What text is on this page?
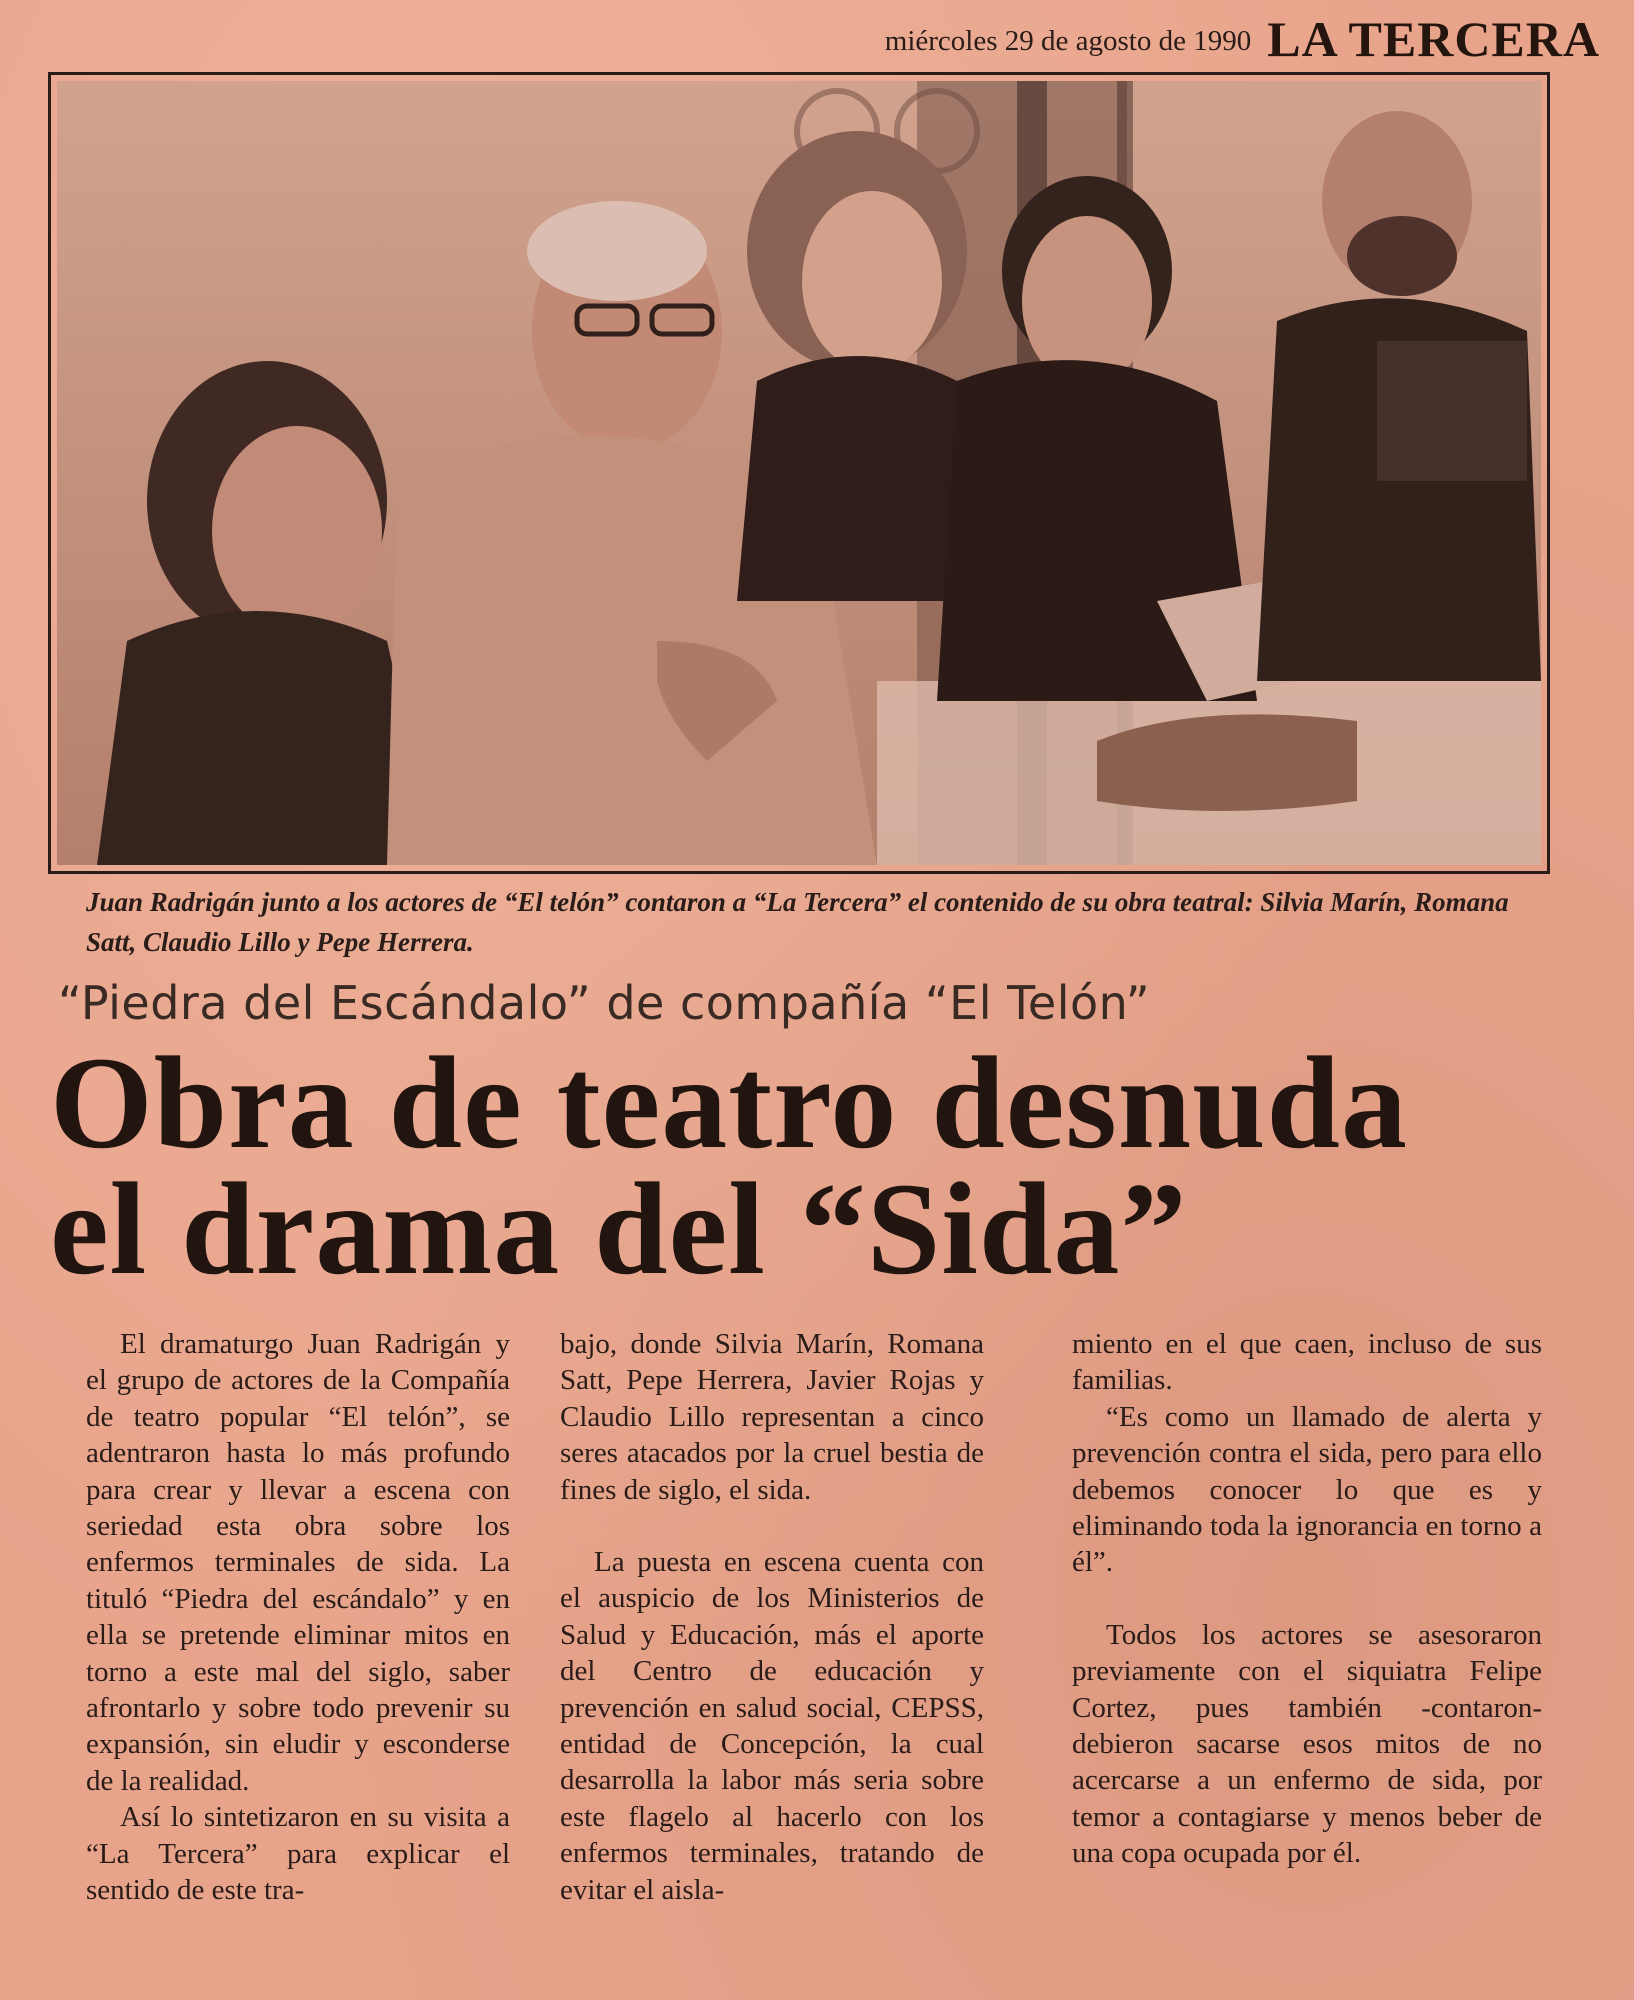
miércoles 29 de agosto de 1990 LA TERCERA
Juan Radrigán junto a los actores de “El telón” contaron a “La Tercera” el contenido de su obra teatral: Silvia Marín, Romana Satt, Claudio Lillo y Pepe Herrera.
“Piedra del Escándalo” de compañía “El Telón”
Obra de teatro desnuda
el drama del “Sida”

El dramaturgo Juan Radrigán y el grupo de actores de la Compañía de teatro popular “El telón”, se adentraron hasta lo más profundo para crear y llevar a escena con seriedad esta obra sobre los enfermos terminales de sida. La tituló “Piedra del escándalo” y en ella se pretende eliminar mitos en torno a este mal del siglo, saber afrontarlo y sobre todo prevenir su expansión, sin eludir y esconderse de la realidad.

Así lo sintetizaron en su visita a “La Tercera” para explicar el sentido de este tra-

bajo, donde Silvia Marín, Romana Satt, Pepe Herrera, Javier Rojas y Claudio Lillo representan a cinco seres atacados por la cruel bestia de fines de siglo, el sida.

La puesta en escena cuenta con el auspicio de los Ministerios de Salud y Educación, más el aporte del Centro de educación y prevención en salud social, CEPSS, entidad de Concepción, la cual desarrolla la labor más seria sobre este flagelo al hacerlo con los enfermos terminales, tratando de evitar el aisla-

miento en el que caen, incluso de sus familias.

“Es como un llamado de alerta y prevención contra el sida, pero para ello debemos conocer lo que es y eliminando toda la ignorancia en torno a él”.

Todos los actores se asesoraron previamente con el siquiatra Felipe Cortez, pues también -contaron- debieron sacarse esos mitos de no acercarse a un enfermo de sida, por temor a contagiarse y menos beber de una copa ocupada por él.
